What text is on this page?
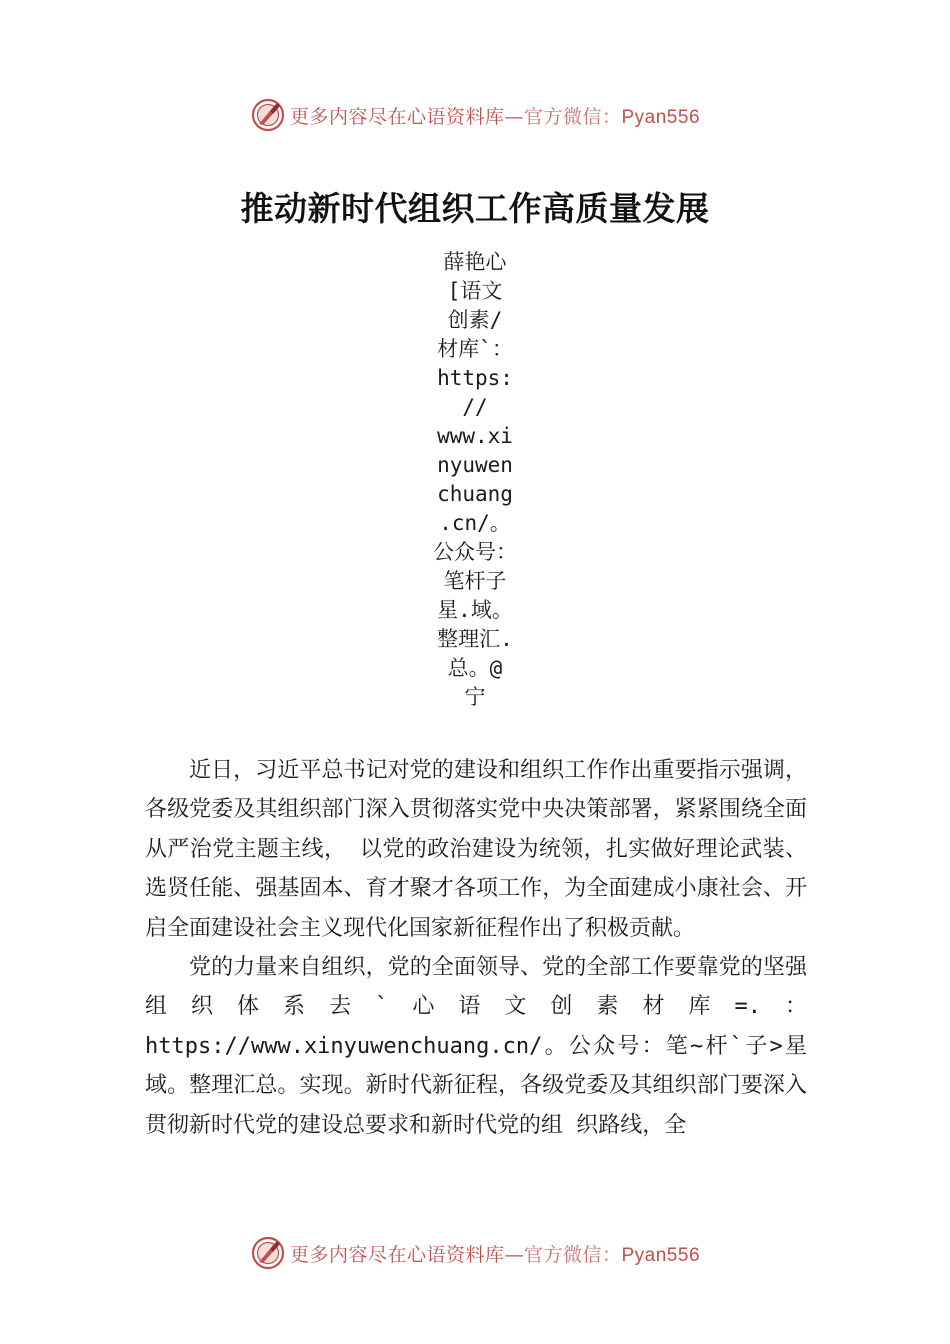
更多内容尽在心语资料库—官方微信：Pyan556
推动新时代组织工作高质量发展
薛艳心
[语文
创素/
材库`：
https:
//
www.xi
nyuwen
chuang
.cn/。
公众号：
笔杆子
星.域。
整理汇.
总。@
宁

近日，习近平总书记对党的建设和组织工作作出重要指示强调，各级党委及其组织部门深入贯彻落实党中央决策部署，紧紧围绕全面从严治党主题主线， 以党的政治建设为统领，扎实做好理论武装、选贤任能、强基固本、育才聚才各项工作，为全面建成小康社会、开启全面建设社会主义现代化国家新征程作出了积极贡献。

党的力量来自组织，党的全面领导、党的全部工作要靠党的坚强组织体系去`心语文创素材库=.：https://www.xinyuwenchuang.cn/。公众号：笔~杆`子>星域。整理汇总。实现。新时代新征程，各级党委及其组织部门要深入贯彻新时代党的建设总要求和新时代党的组 织路线，全

更多内容尽在心语资料库—官方微信：Pyan556
